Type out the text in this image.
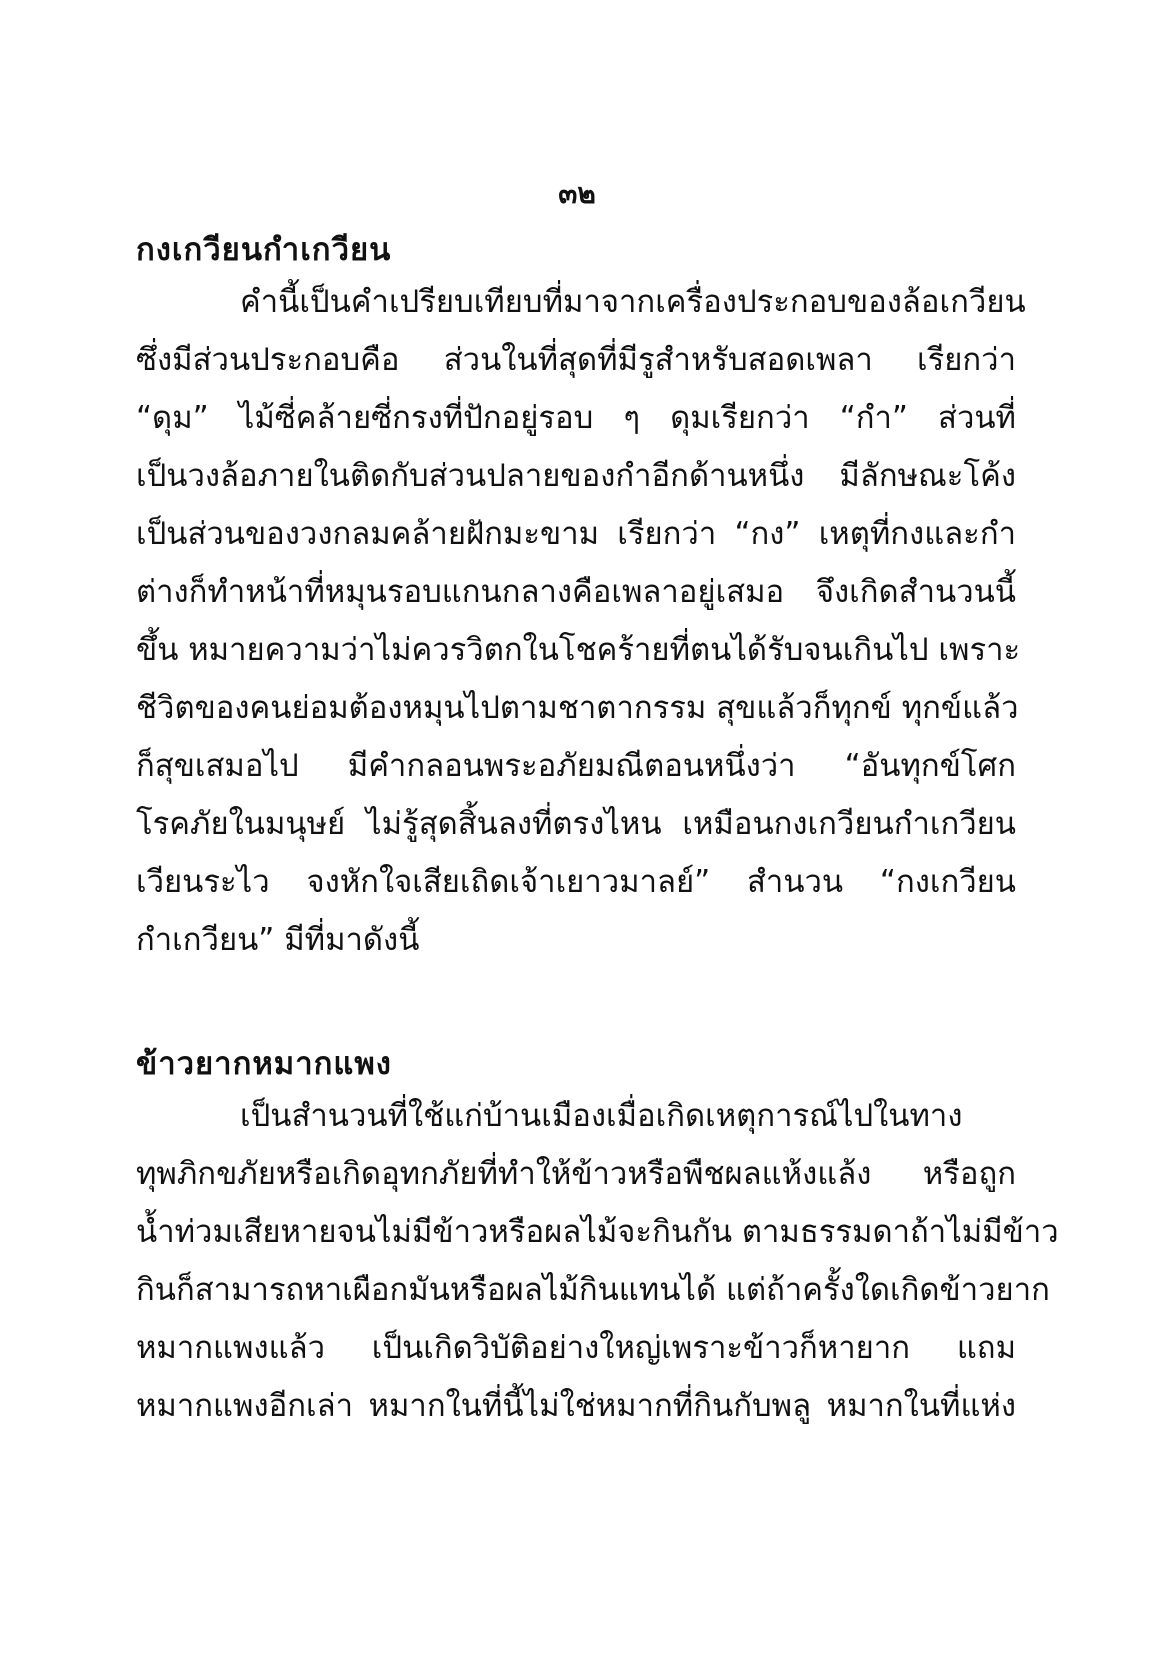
๓๒
กงเกวียนกำเกวียน
คำนี้เป็นคำเปรียบเทียบที่มาจากเครื่องประกอบของล้อเกวียน
ซึ่งมีส่วนประกอบคือ ส่วนในที่สุดที่มีรูสำหรับสอดเพลา เรียกว่า
“ดุม” ไม้ซี่คล้ายซี่กรงที่ปักอยู่รอบ ๆ ดุมเรียกว่า “กำ” ส่วนที่
เป็นวงล้อภายในติดกับส่วนปลายของกำอีกด้านหนึ่ง มีลักษณะโค้ง
เป็นส่วนของวงกลมคล้ายฝักมะขาม เรียกว่า “กง” เหตุที่กงและกำ
ต่างก็ทำหน้าที่หมุนรอบแกนกลางคือเพลาอยู่เสมอ จึงเกิดสำนวนนี้
ขึ้น หมายความว่าไม่ควรวิตกในโชคร้ายที่ตนได้รับจนเกินไป เพราะ
ชีวิตของคนย่อมต้องหมุนไปตามชาตากรรม สุขแล้วก็ทุกข์ ทุกข์แล้ว
ก็สุขเสมอไป มีคำกลอนพระอภัยมณีตอนหนึ่งว่า “อันทุกข์โศก
โรคภัยในมนุษย์ ไม่รู้สุดสิ้นลงที่ตรงไหน เหมือนกงเกวียนกำเกวียน
เวียนระไว จงหักใจเสียเถิดเจ้าเยาวมาลย์” สำนวน “กงเกวียน
กำเกวียน” มีที่มาดังนี้
ข้าวยากหมากแพง
เป็นสำนวนที่ใช้แก่บ้านเมืองเมื่อเกิดเหตุการณ์ไปในทาง
ทุพภิกขภัยหรือเกิดอุทกภัยที่ทำให้ข้าวหรือพืชผลแห้งแล้ง หรือถูก
น้ำท่วมเสียหายจนไม่มีข้าวหรือผลไม้จะกินกัน ตามธรรมดาถ้าไม่มีข้าว
กินก็สามารถหาเผือกมันหรือผลไม้กินแทนได้ แต่ถ้าครั้งใดเกิดข้าวยาก
หมากแพงแล้ว เป็นเกิดวิบัติอย่างใหญ่เพราะข้าวก็หายาก แถม
หมากแพงอีกเล่า หมากในที่นี้ไม่ใช่หมากที่กินกับพลู หมากในที่แห่ง
